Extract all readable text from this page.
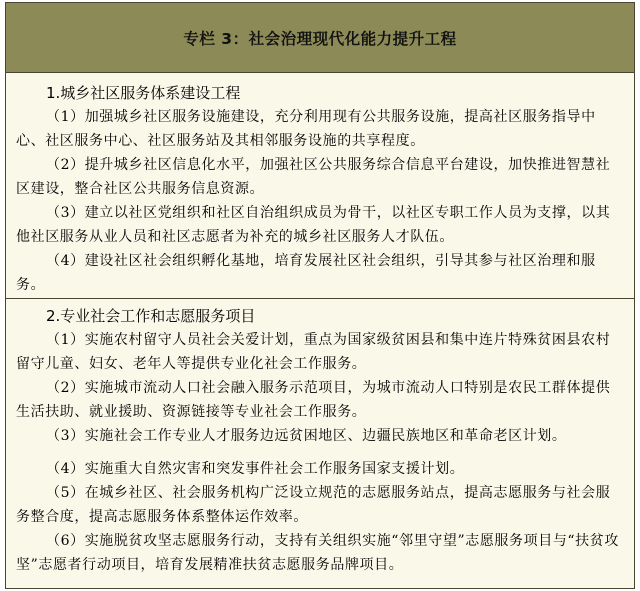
专栏 3：社会治理现代化能力提升工程
1.城乡社区服务体系建设工程

（1）加强城乡社区服务设施建设，充分利用现有公共服务设施，提高社区服务指导中心、社区服务中心、社区服务站及其相邻服务设施的共享程度。

（2）提升城乡社区信息化水平，加强社区公共服务综合信息平台建设，加快推进智慧社区建设，整合社区公共服务信息资源。

（3）建立以社区党组织和社区自治组织成员为骨干，以社区专职工作人员为支撑，以其他社区服务从业人员和社区志愿者为补充的城乡社区服务人才队伍。

（4）建设社区社会组织孵化基地，培育发展社区社会组织，引导其参与社区治理和服务。

2.专业社会工作和志愿服务项目

（1）实施农村留守人员社会关爱计划，重点为国家级贫困县和集中连片特殊贫困县农村留守儿童、妇女、老年人等提供专业化社会工作服务。

（2）实施城市流动人口社会融入服务示范项目，为城市流动人口特别是农民工群体提供生活扶助、就业援助、资源链接等专业社会工作服务。

（3）实施社会工作专业人才服务边远贫困地区、边疆民族地区和革命老区计划。

（4）实施重大自然灾害和突发事件社会工作服务国家支援计划。

（5）在城乡社区、社会服务机构广泛设立规范的志愿服务站点，提高志愿服务与社会服务整合度，提高志愿服务体系整体运作效率。

（6）实施脱贫攻坚志愿服务行动，支持有关组织实施“邻里守望”志愿服务项目与“扶贫攻坚”志愿者行动项目，培育发展精准扶贫志愿服务品牌项目。
